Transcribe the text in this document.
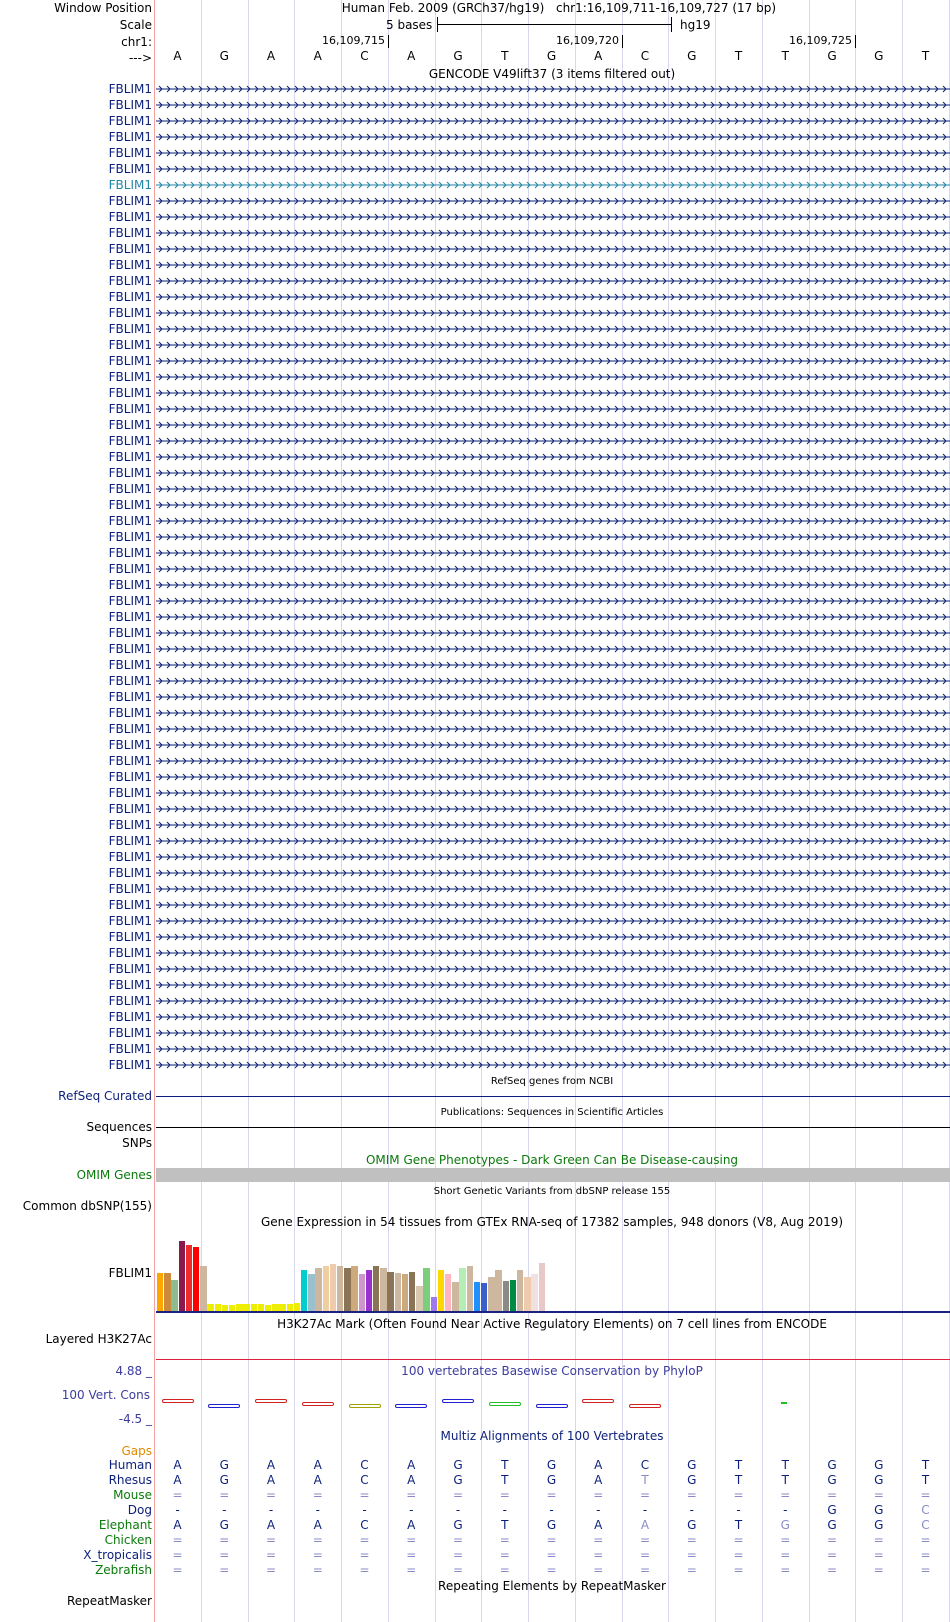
Window Position
Scale
chr1:
--->
Human Feb. 2009 (GRCh37/hg19) chr1:16,109,711-16,109,727 (17 bp)
5 bases	hg19
16,109,715	16,109,720	16,109,725
A	G	A	A	C	A	G	T	G	A	C	G	T	T	G	G	T
GENCODE V49lift37 (3 items filtered out)
FBLIM1
FBLIM1
FBLIM1
FBLIM1
FBLIM1
FBLIM1
FBLIM1
FBLIM1
FBLIM1
FBLIM1
FBLIM1
FBLIM1
FBLIM1
FBLIM1
FBLIM1
FBLIM1
FBLIM1
FBLIM1
FBLIM1
FBLIM1
FBLIM1
FBLIM1
FBLIM1
FBLIM1
FBLIM1
FBLIM1
FBLIM1
FBLIM1
FBLIM1
FBLIM1
FBLIM1
FBLIM1
FBLIM1
FBLIM1
FBLIM1
FBLIM1
FBLIM1
FBLIM1
FBLIM1
FBLIM1
FBLIM1
FBLIM1
FBLIM1
FBLIM1
FBLIM1
FBLIM1
FBLIM1
FBLIM1
FBLIM1
FBLIM1
FBLIM1
FBLIM1
FBLIM1
FBLIM1
FBLIM1
FBLIM1
FBLIM1
FBLIM1
FBLIM1
FBLIM1
FBLIM1
FBLIM1
RefSeq genes from NCBI
RefSeq Curated
Publications: Sequences in Scientific Articles
Sequences
SNPs
OMIM Gene Phenotypes - Dark Green Can Be Disease-causing
OMIM Genes
Short Genetic Variants from dbSNP release 155
Common dbSNP(155)
Gene Expression in 54 tissues from GTEx RNA-seq of 17382 samples, 948 donors (V8, Aug 2019)
FBLIM1
H3K27Ac Mark (Often Found Near Active Regulatory Elements) on 7 cell lines from ENCODE
Layered H3K27Ac
100 vertebrates Basewise Conservation by PhyloP
4.88 _
100 Vert. Cons
-4.5 _
Multiz Alignments of 100 Vertebrates
Gaps
Human	A	G	A	A	C	A	G	T	G	A	C	G	T	T	G	G	T
Rhesus	A	G	A	A	C	A	G	T	G	A	T	G	T	T	G	G	T
Mouse	=	=	=	=	=	=	=	=	=	=	=	=	=	=	=	=	=
Dog	-	-	-	-	-	-	-	-	-	-	-	-	-	-	G	G	C
Elephant	A	G	A	A	C	A	G	T	G	A	A	G	T	G	G	G	C
Chicken	=	=	=	=	=	=	=	=	=	=	=	=	=	=	=	=	=
X_tropicalis	=	=	=	=	=	=	=	=	=	=	=	=	=	=	=	=	=
Zebrafish	=	=	=	=	=	=	=	=	=	=	=	=	=	=	=	=	=
Repeating Elements by RepeatMasker
RepeatMasker
